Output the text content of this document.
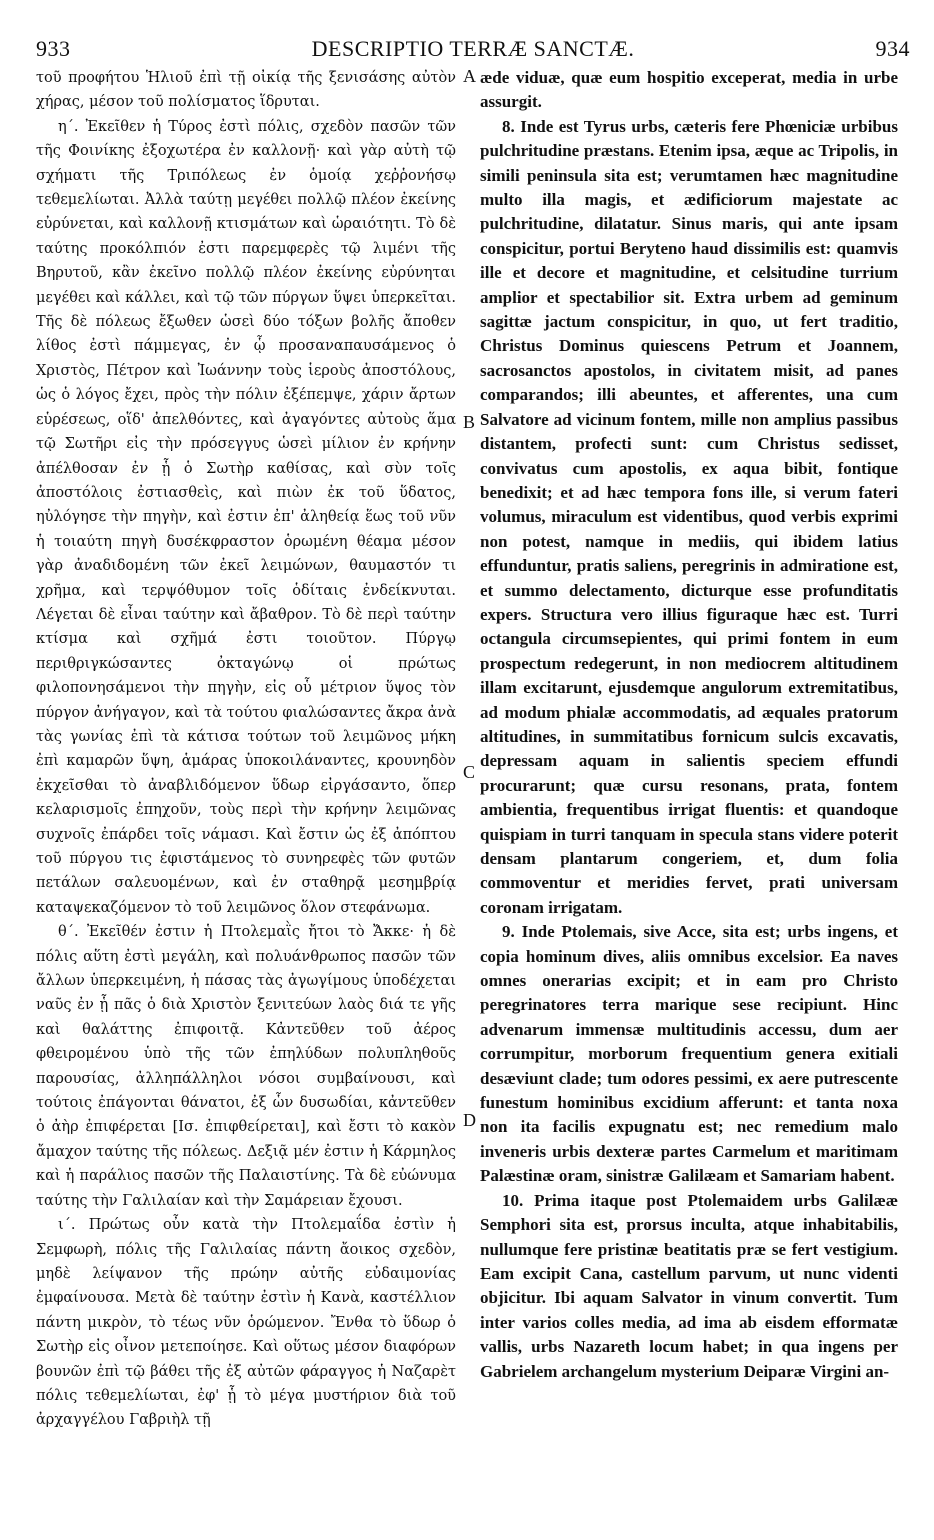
933	DESCRIPTIO TERRÆ SANCTÆ.	934

τοῦ προφήτου Ἡλιοῦ ἐπὶ τῇ οἰκίᾳ τῆς ξενισάσης αὐτὸν χήρας, μέσον τοῦ πολίσματος ἵδρυται.

η΄. Ἐκεῖθεν ἡ Τύρος ἐστὶ πόλις, σχεδὸν πασῶν τῶν τῆς Φοινίκης ἐξοχωτέρα ἐν καλλονῇ· καὶ γὰρ αὐτὴ τῷ σχήματι τῆς Τριπόλεως ἐν ὁμοίᾳ χεῤῥονήσῳ τεθεμελίωται. Ἀλλὰ ταύτῃ μεγέθει πολλῷ πλέον ἐκείνης εὐρύνεται, καὶ καλλονῇ κτισμάτων καὶ ὡραιότητι. Τὸ δὲ ταύτης προκόλπιόν ἐστι παρεμφερὲς τῷ λιμένι τῆς Βηρυτοῦ, κἂν ἐκεῖνο πολλῷ πλέον ἐκείνης εὐρύνηται μεγέθει καὶ κάλλει, καὶ τῷ τῶν πύργων ὕψει ὑπερκεῖται. Τῆς δὲ πόλεως ἔξωθεν ὡσεὶ δύο τόξων βολῆς ἄποθεν λίθος ἐστὶ πάμμεγας, ἐν ᾧ προσαναπαυσάμενος ὁ Χριστὸς, Πέτρον καὶ Ἰωάννην τοὺς ἱεροὺς ἀποστόλους, ὡς ὁ λόγος ἔχει, πρὸς τὴν πόλιν ἐξέπεμψε, χάριν ἄρτων εὑρέσεως, οἵδ' ἀπελθόντες, καὶ ἀγαγόντες αὐτοὺς ἅμα τῷ Σωτῆρι εἰς τὴν πρόσεγγυς ὡσεὶ μίλιον ἐν κρήνην ἀπέλθοσαν ἐν ᾗ ὁ Σωτὴρ καθίσας, καὶ σὺν τοῖς ἀποστόλοις ἐστιασθεὶς, καὶ πιὼν ἐκ τοῦ ὕδατος, ηὐλόγησε τὴν πηγὴν, καὶ ἐστιν ἐπ' ἀληθείᾳ ἕως τοῦ νῦν ἡ τοιαύτη πηγὴ δυσέκφραστον ὁρωμένη θέαμα μέσον γὰρ ἀναδιδομένη τῶν ἐκεῖ λειμώνων, θαυμαστόν τι χρῆμα, καὶ τερψόθυμον τοῖς ὁδίταις ἐνδείκνυται. Λέγεται δὲ εἶναι ταύτην καὶ ἄβαθρον. Τὸ δὲ περὶ ταύτην κτίσμα καὶ σχῆμά ἐστι τοιοῦτον. Πύργῳ περιθριγκώσαντες ὀκταγώνῳ οἱ πρώτως φιλοπονησάμενοι τὴν πηγὴν, εἰς οὗ μέτριον ὕψος τὸν πύργον ἀνήγαγον, καὶ τὰ τούτου φιαλώσαντες ἄκρα ἀνὰ τὰς γωνίας ἐπὶ τὰ κάτισα τούτων τοῦ λειμῶνος μήκη ἐπὶ καμαρῶν ὕψη, ἁμάρας ὑποκοιλάναντες, κρουνηδὸν ἐκχεῖσθαι τὸ ἀναβλιδόμενον ὕδωρ εἰργάσαντο, ὅπερ κελαρισμοῖς ἐπηχοῦν, τοὺς περὶ τὴν κρήνην λειμῶνας συχνοῖς ἐπάρδει τοῖς νάμασι. Καὶ ἔστιν ὡς ἐξ ἀπόπτου τοῦ πύργου τις ἐφιστάμενος τὸ συνηρεφὲς τῶν φυτῶν πετάλων σαλευομένων, καὶ ἐν σταθηρᾷ μεσημβρίᾳ καταψεκαζόμενον τὸ τοῦ λειμῶνος ὅλον στεφάνωμα.

θ΄. Ἐκεῖθέν ἐστιν ἡ Πτολεμαῒς ἤτοι τὸ Ἄκκε· ἡ δὲ πόλις αὕτη ἐστὶ μεγάλη, καὶ πολυάνθρωπος πασῶν τῶν ἄλλων ὑπερκειμένη, ἡ πάσας τὰς ἀγωγίμους ὑποδέχεται ναῦς ἐν ᾗ πᾶς ὁ διὰ Χριστὸν ξενιτεύων λαὸς διά τε γῆς καὶ θαλάττης ἐπιφοιτᾷ. Κἀντεῦθεν τοῦ ἀέρος φθειρομένου ὑπὸ τῆς τῶν ἐπηλύδων πολυπληθοῦς παρουσίας, ἀλληπάλληλοι νόσοι συμβαίνουσι, καὶ τούτοις ἐπάγονται θάνατοι, ἐξ ὧν δυσωδίαι, κἀντεῦθεν ὁ ἀὴρ ἐπιφέρεται [Ισ. ἐπιφθείρεται], καὶ ἔστι τὸ κακὸν ἄμαχον ταύτης τῆς πόλεως. Δεξιᾷ μέν ἐστιν ἡ Κάρμηλος καὶ ἡ παράλιος πασῶν τῆς Παλαιστίνης. Τὰ δὲ εὐώνυμα ταύτης τὴν Γαλιλαίαν καὶ τὴν Σαμάρειαν ἔχουσι.

ι΄. Πρώτως οὖν κατὰ τὴν Πτολεμαΐδα ἐστὶν ἡ Σεμφωρὴ, πόλις τῆς Γαλιλαίας πάντη ἄοικος σχεδὸν, μηδὲ λείψανον τῆς πρώην αὐτῆς εὐδαιμονίας ἐμφαίνουσα. Μετὰ δὲ ταύτην ἐστὶν ἡ Κανὰ, καστέλλιον πάντη μικρὸν, τὸ τέως νῦν ὁρώμενον. Ἔνθα τὸ ὕδωρ ὁ Σωτὴρ εἰς οἶνον μετεποίησε. Καὶ οὕτως μέσον διαφόρων βουνῶν ἐπὶ τῷ βάθει τῆς ἐξ αὐτῶν φάραγγος ἡ Ναζαρὲτ πόλις τεθεμελίωται, ἐφ' ᾗ τὸ μέγα μυστήριον διὰ τοῦ ἀρχαγγέλου Γαβριὴλ τῇ

A
B
C
D

æde viduæ, quæ eum hospitio exceperat, media in urbe assurgit.

8. Inde est Tyrus urbs, cæteris fere Phœniciæ urbibus pulchritudine præstans. Etenim ipsa, æque ac Tripolis, in simili peninsula sita est; verumtamen hæc magnitudine multo illa magis, et ædificiorum majestate ac pulchritudine, dilatatur. Sinus maris, qui ante ipsam conspicitur, portui Beryteno haud dissimilis est: quamvis ille et decore et magnitudine, et celsitudine turrium amplior et spectabilior sit. Extra urbem ad geminum sagittæ jactum conspicitur, in quo, ut fert traditio, Christus Dominus quiescens Petrum et Joannem, sacrosanctos apostolos, in civitatem misit, ad panes comparandos; illi abeuntes, et afferentes, una cum Salvatore ad vicinum fontem, mille non amplius passibus distantem, profecti sunt: cum Christus sedisset, convivatus cum apostolis, ex aqua bibit, fontique benedixit; et ad hæc tempora fons ille, si verum fateri volumus, miraculum est videntibus, quod verbis exprimi non potest, namque in mediis, qui ibidem latius effunduntur, pratis saliens, peregrinis in admiratione est, et summo delectamento, dicturque esse profunditatis expers. Structura vero illius figuraque hæc est. Turri octangula circumsepientes, qui primi fontem in eum prospectum redegerunt, in non mediocrem altitudinem illam excitarunt, ejusdemque angulorum extremitatibus, ad modum phialæ accommodatis, ad æquales pratorum altitudines, in summitatibus fornicum sulcis excavatis, depressam aquam in salientis speciem effundi procurarunt; quæ cursu resonans, prata, fontem ambientia, frequentibus irrigat fluentis: et quandoque quispiam in turri tanquam in specula stans videre poterit densam plantarum congeriem, et, dum folia commoventur et meridies fervet, prati universam coronam irrigatam.

9. Inde Ptolemais, sive Acce, sita est; urbs ingens, et copia hominum dives, aliis omnibus excelsior. Ea naves omnes onerarias excipit; et in eam pro Christo peregrinatores terra marique sese recipiunt. Hinc advenarum immensæ multitudinis accessu, dum aer corrumpitur, morborum frequentium genera exitiali desæviunt clade; tum odores pessimi, ex aere putrescente funestum hominibus excidium afferunt: et tanta noxa non ita facilis expugnatu est; nec remedium malo inveneris urbis dexteræ partes Carmelum et maritimam Palæstinæ oram, sinistræ Galilæam et Samariam habent.

10. Prima itaque post Ptolemaidem urbs Galilææ Semphori sita est, prorsus inculta, atque inhabitabilis, nullumque fere pristinæ beatitatis præ se fert vestigium. Eam excipit Cana, castellum parvum, ut nunc videnti objicitur. Ibi aquam Salvator in vinum convertit. Tum inter varios colles media, ad ima ab eisdem efformatæ vallis, urbs Nazareth locum habet; in qua ingens per Gabrielem archangelum mysterium Deiparæ Virgini an-
